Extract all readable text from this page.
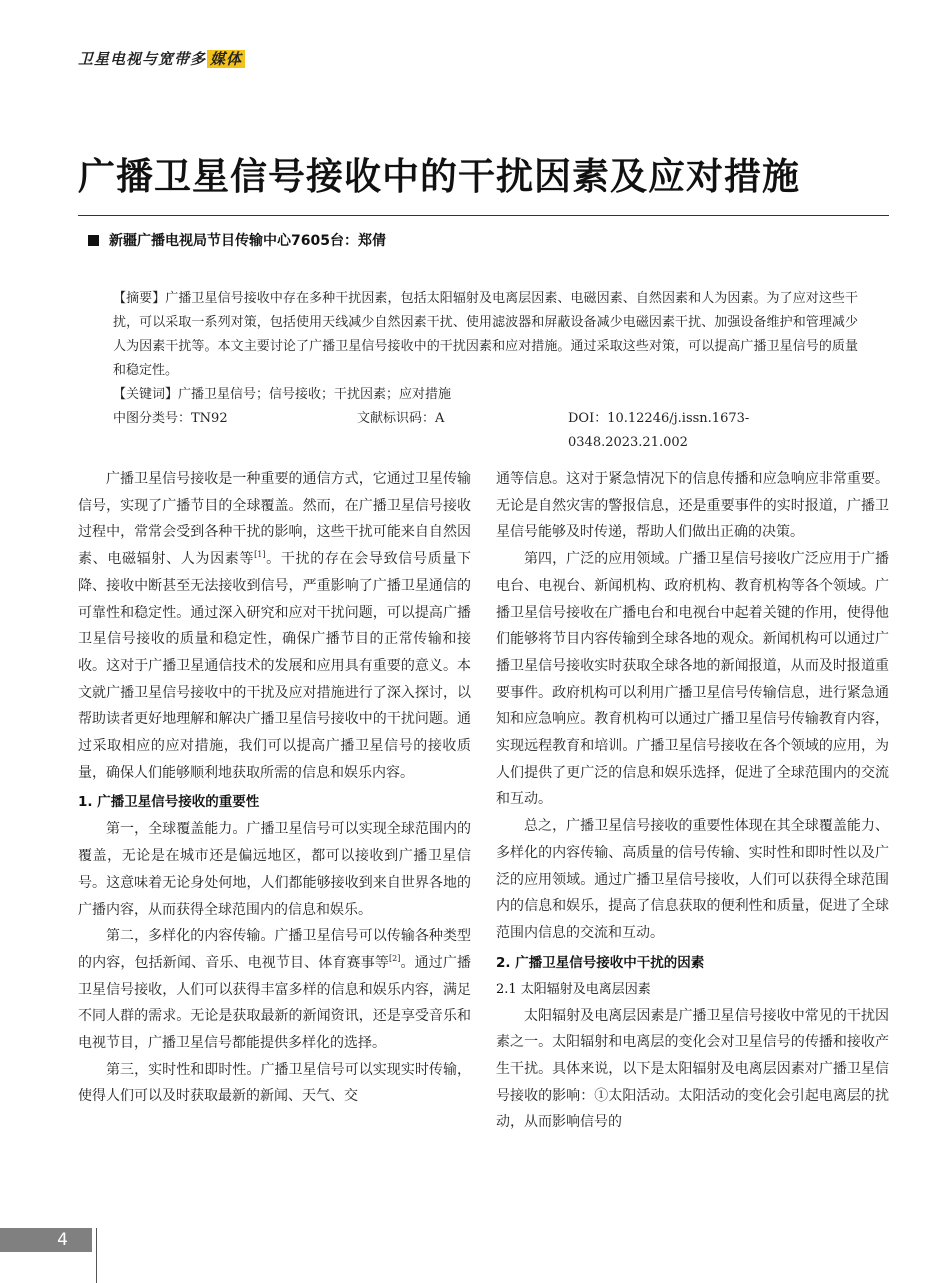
卫星电视与宽带多 媒体
广播卫星信号接收中的干扰因素及应对措施
新疆广播电视局节目传输中心7605台：郑倩

【摘要】广播卫星信号接收中存在多种干扰因素，包括太阳辐射及电离层因素、电磁因素、自然因素和人为因素。为了应对这些干扰，可以采取一系列对策，包括使用天线减少自然因素干扰、使用滤波器和屏蔽设备减少电磁因素干扰、加强设备维护和管理减少人为因素干扰等。本文主要讨论了广播卫星信号接收中的干扰因素和应对措施。通过采取这些对策，可以提高广播卫星信号的质量和稳定性。

【关键词】广播卫星信号；信号接收；干扰因素；应对措施

中图分类号：TN92	文献标识码：A	DOI：10.12246/j.issn.1673-0348.2023.21.002

广播卫星信号接收是一种重要的通信方式，它通过卫星传输信号，实现了广播节目的全球覆盖。然而，在广播卫星信号接收过程中，常常会受到各种干扰的影响，这些干扰可能来自自然因素、电磁辐射、人为因素等[1]。干扰的存在会导致信号质量下降、接收中断甚至无法接收到信号，严重影响了广播卫星通信的可靠性和稳定性。通过深入研究和应对干扰问题，可以提高广播卫星信号接收的质量和稳定性，确保广播节目的正常传输和接收。这对于广播卫星通信技术的发展和应用具有重要的意义。本文就广播卫星信号接收中的干扰及应对措施进行了深入探讨，以帮助读者更好地理解和解决广播卫星信号接收中的干扰问题。通过采取相应的应对措施，我们可以提高广播卫星信号的接收质量，确保人们能够顺利地获取所需的信息和娱乐内容。

1. 广播卫星信号接收的重要性

第一，全球覆盖能力。广播卫星信号可以实现全球范围内的覆盖，无论是在城市还是偏远地区，都可以接收到广播卫星信号。这意味着无论身处何地，人们都能够接收到来自世界各地的广播内容，从而获得全球范围内的信息和娱乐。

第二，多样化的内容传输。广播卫星信号可以传输各种类型的内容，包括新闻、音乐、电视节目、体育赛事等[2]。通过广播卫星信号接收，人们可以获得丰富多样的信息和娱乐内容，满足不同人群的需求。无论是获取最新的新闻资讯，还是享受音乐和电视节目，广播卫星信号都能提供多样化的选择。

第三，实时性和即时性。广播卫星信号可以实现实时传输，使得人们可以及时获取最新的新闻、天气、交

通等信息。这对于紧急情况下的信息传播和应急响应非常重要。无论是自然灾害的警报信息，还是重要事件的实时报道，广播卫星信号能够及时传递，帮助人们做出正确的决策。

第四，广泛的应用领域。广播卫星信号接收广泛应用于广播电台、电视台、新闻机构、政府机构、教育机构等各个领域。广播卫星信号接收在广播电台和电视台中起着关键的作用，使得他们能够将节目内容传输到全球各地的观众。新闻机构可以通过广播卫星信号接收实时获取全球各地的新闻报道，从而及时报道重要事件。政府机构可以利用广播卫星信号传输信息，进行紧急通知和应急响应。教育机构可以通过广播卫星信号传输教育内容，实现远程教育和培训。广播卫星信号接收在各个领域的应用，为人们提供了更广泛的信息和娱乐选择，促进了全球范围内的交流和互动。

总之，广播卫星信号接收的重要性体现在其全球覆盖能力、多样化的内容传输、高质量的信号传输、实时性和即时性以及广泛的应用领域。通过广播卫星信号接收，人们可以获得全球范围内的信息和娱乐，提高了信息获取的便利性和质量，促进了全球范围内信息的交流和互动。

2. 广播卫星信号接收中干扰的因素
2.1 太阳辐射及电离层因素

太阳辐射及电离层因素是广播卫星信号接收中常见的干扰因素之一。太阳辐射和电离层的变化会对卫星信号的传播和接收产生干扰。具体来说，以下是太阳辐射及电离层因素对广播卫星信号接收的影响：①太阳活动。太阳活动的变化会引起电离层的扰动，从而影响信号的

4
